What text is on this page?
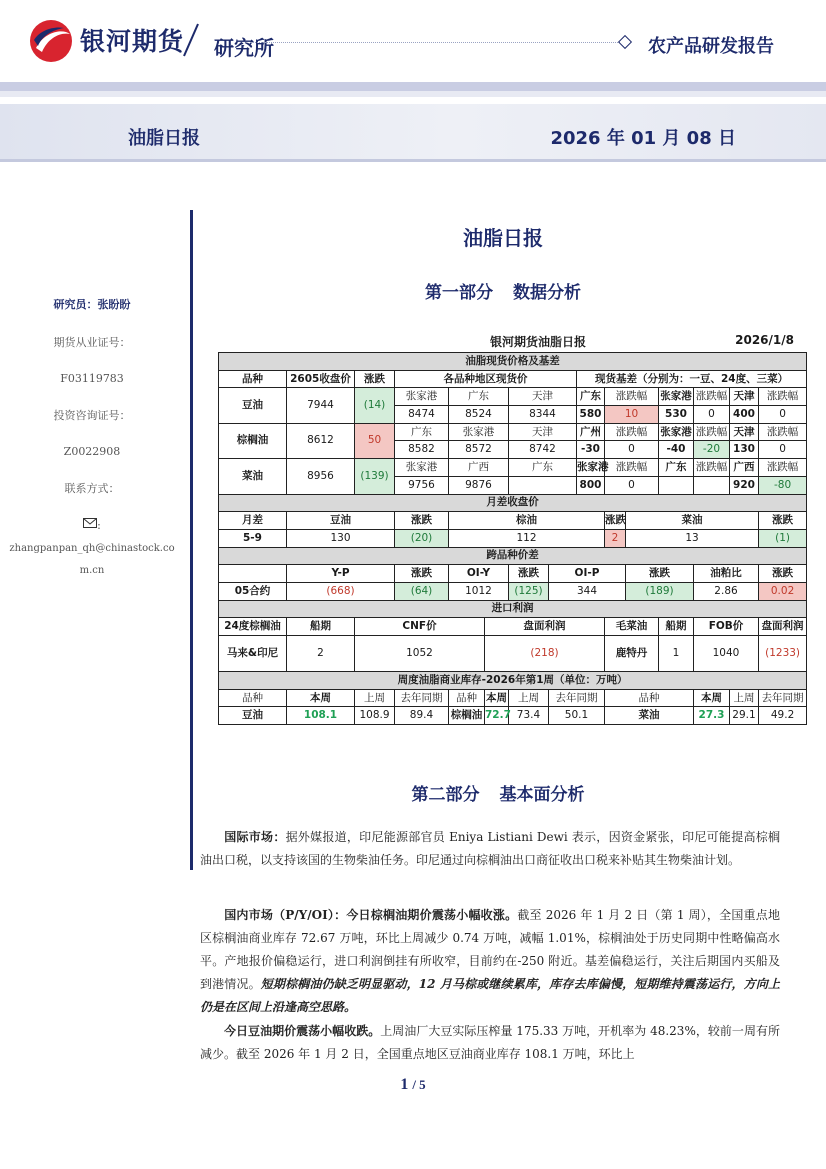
银河期货 研究所	农产品研发报告
油脂日报	2026 年 01 月 08 日
研究员：张盼盼
期货从业证号：
F03119783
投资咨询证号：
Z0022908
联系方式：
:
zhangpanpan_qh@chinastock.com.cn
油脂日报
第一部分 数据分析
银河期货油脂日报	2026/1/8
油脂现货价格及基差														
品种	2605收盘价	涨跌	各品种地区现货价					现货基差（分别为：一豆、24度、三菜）						
豆油	7944	(14)	张家港	广东		天津		广东	涨跌幅		张家港	涨跌幅	天津	涨跌幅
			8474	8524		8344		580	10		530	0	400	0
棕榈油	8612	50	广东	张家港		天津		广州	涨跌幅		张家港	涨跌幅	天津	涨跌幅
			8582	8572		8742		-30	0		-40	-20	130	0
菜油	8956	(139)	张家港	广西		广东		张家港	涨跌幅		广东	涨跌幅	广西	涨跌幅
			9756	9876				800	0				920	-80
月差收盘价														
月差	豆油		涨跌	棕油					涨跌	菜油				涨跌
5-9	130		(20)	112					2	13				(1)
跨品种价差														
	Y-P		涨跌	OI-Y		涨跌	OI-P			涨跌		油粕比		涨跌
05合约	(668)		(64)	1012		(125)	344			(189)		2.86		0.02
进口利润														
24度棕榈油	船期	CNF价			盘面利润				毛菜油		船期	FOB价		盘面利润
马来&印尼	2	1052			(218)				鹿特丹		1	1040		(1233)

周度油脂商业库存-2026年第1周（单位：万吨）														
品种	本周	上周	去年同期	品种	本周	上周	去年同期		品种			本周	上周	去年同期
豆油	108.1	108.9	89.4	棕榈油	72.7	73.4	50.1		菜油			27.3	29.1	49.2
第二部分 基本面分析
国际市场：据外媒报道，印尼能源部官员 Eniya Listiani Dewi 表示，因资金紧张，印尼可能提高棕榈油出口税，以支持该国的生物柴油任务。印尼通过向棕榈油出口商征收出口税来补贴其生物柴油计划。
国内市场（P/Y/OI）：今日棕榈油期价震荡小幅收涨。截至 2026 年 1 月 2 日（第 1 周），全国重点地区棕榈油商业库存 72.67 万吨，环比上周减少 0.74 万吨，减幅 1.01%，棕榈油处于历史同期中性略偏高水平。产地报价偏稳运行，进口利润倒挂有所收窄，目前约在-250 附近。基差偏稳运行，关注后期国内买船及到港情况。短期棕榈油仍缺乏明显驱动，12 月马棕或继续累库，库存去库偏慢，短期维持震荡运行，方向上仍是在区间上沿逢高空思路。
今日豆油期价震荡小幅收跌。上周油厂大豆实际压榨量 175.33 万吨，开机率为 48.23%，较前一周有所减少。截至 2026 年 1 月 2 日，全国重点地区豆油商业库存 108.1 万吨，环比上
1 / 5
